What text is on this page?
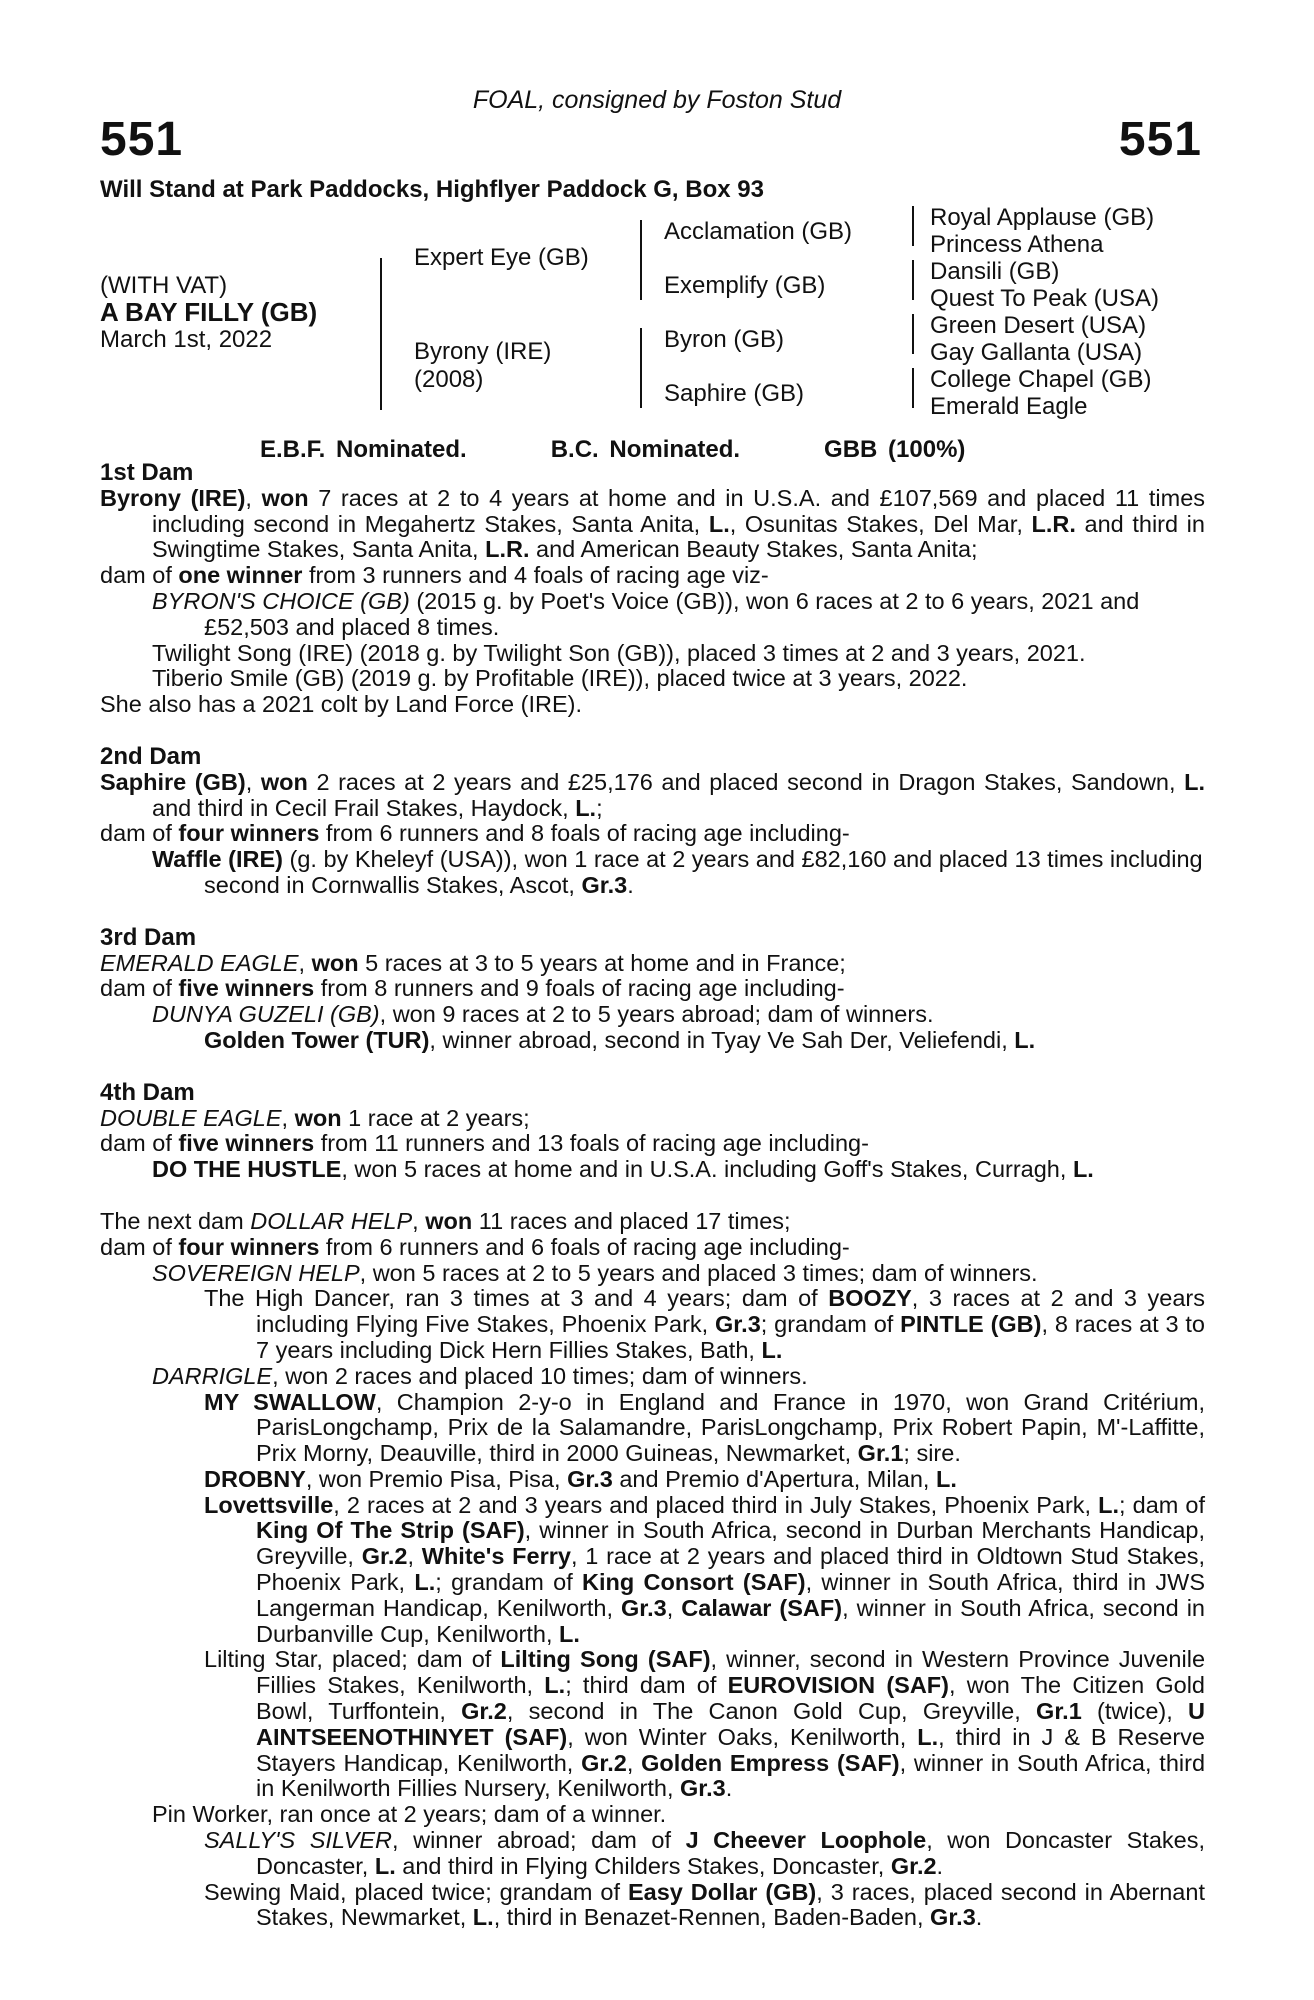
FOAL, consigned by Foston Stud
551	551
Will Stand at Park Paddocks, Highflyer Paddock G, Box 93
(WITH VAT)
A BAY FILLY (GB)
March 1st, 2022
Expert Eye (GB)
Byrony (IRE)
(2008)
Acclamation (GB)
Exemplify (GB)
Byron (GB)
Saphire (GB)
Royal Applause (GB)
Princess Athena
Dansili (GB)
Quest To Peak (USA)
Green Desert (USA)
Gay Gallanta (USA)
College Chapel (GB)
Emerald Eagle
E.B.F. Nominated.	B.C. Nominated.	GBB (100%)

1st Dam

Byrony (IRE), won 7 races at 2 to 4 years at home and in U.S.A. and £107,569 and placed 11 times including second in Megahertz Stakes, Santa Anita, L., Osunitas Stakes, Del Mar, L.R. and third in Swingtime Stakes, Santa Anita, L.R. and American Beauty Stakes, Santa Anita;

dam of one winner from 3 runners and 4 foals of racing age viz-

BYRON'S CHOICE (GB) (2015 g. by Poet's Voice (GB)), won 6 races at 2 to 6 years, 2021 and £52,503 and placed 8 times.

Twilight Song (IRE) (2018 g. by Twilight Son (GB)), placed 3 times at 2 and 3 years, 2021.

Tiberio Smile (GB) (2019 g. by Profitable (IRE)), placed twice at 3 years, 2022.

She also has a 2021 colt by Land Force (IRE).

2nd Dam

Saphire (GB), won 2 races at 2 years and £25,176 and placed second in Dragon Stakes, Sandown, L. and third in Cecil Frail Stakes, Haydock, L.;

dam of four winners from 6 runners and 8 foals of racing age including-

Waffle (IRE) (g. by Kheleyf (USA)), won 1 race at 2 years and £82,160 and placed 13 times including second in Cornwallis Stakes, Ascot, Gr.3.

3rd Dam

EMERALD EAGLE, won 5 races at 3 to 5 years at home and in France;

dam of five winners from 8 runners and 9 foals of racing age including-

DUNYA GUZELI (GB), won 9 races at 2 to 5 years abroad; dam of winners.

Golden Tower (TUR), winner abroad, second in Tyay Ve Sah Der, Veliefendi, L.

4th Dam

DOUBLE EAGLE, won 1 race at 2 years;

dam of five winners from 11 runners and 13 foals of racing age including-

DO THE HUSTLE, won 5 races at home and in U.S.A. including Goff's Stakes, Curragh, L.

The next dam DOLLAR HELP, won 11 races and placed 17 times;

dam of four winners from 6 runners and 6 foals of racing age including-

SOVEREIGN HELP, won 5 races at 2 to 5 years and placed 3 times; dam of winners.

The High Dancer, ran 3 times at 3 and 4 years; dam of BOOZY, 3 races at 2 and 3 years including Flying Five Stakes, Phoenix Park, Gr.3; grandam of PINTLE (GB), 8 races at 3 to 7 years including Dick Hern Fillies Stakes, Bath, L.

DARRIGLE, won 2 races and placed 10 times; dam of winners.

MY SWALLOW, Champion 2-y-o in England and France in 1970, won Grand Critérium, ParisLongchamp, Prix de la Salamandre, ParisLongchamp, Prix Robert Papin, M'-Laffitte, Prix Morny, Deauville, third in 2000 Guineas, Newmarket, Gr.1; sire.

DROBNY, won Premio Pisa, Pisa, Gr.3 and Premio d'Apertura, Milan, L.

Lovettsville, 2 races at 2 and 3 years and placed third in July Stakes, Phoenix Park, L.; dam of King Of The Strip (SAF), winner in South Africa, second in Durban Merchants Handicap, Greyville, Gr.2, White's Ferry, 1 race at 2 years and placed third in Oldtown Stud Stakes, Phoenix Park, L.; grandam of King Consort (SAF), winner in South Africa, third in JWS Langerman Handicap, Kenilworth, Gr.3, Calawar (SAF), winner in South Africa, second in Durbanville Cup, Kenilworth, L.

Lilting Star, placed; dam of Lilting Song (SAF), winner, second in Western Province Juvenile Fillies Stakes, Kenilworth, L.; third dam of EUROVISION (SAF), won The Citizen Gold Bowl, Turffontein, Gr.2, second in The Canon Gold Cup, Greyville, Gr.1 (twice), U AINTSEENOTHINYET (SAF), won Winter Oaks, Kenilworth, L., third in J & B Reserve Stayers Handicap, Kenilworth, Gr.2, Golden Empress (SAF), winner in South Africa, third in Kenilworth Fillies Nursery, Kenilworth, Gr.3.

Pin Worker, ran once at 2 years; dam of a winner.

SALLY'S SILVER, winner abroad; dam of J Cheever Loophole, won Doncaster Stakes, Doncaster, L. and third in Flying Childers Stakes, Doncaster, Gr.2.

Sewing Maid, placed twice; grandam of Easy Dollar (GB), 3 races, placed second in Abernant Stakes, Newmarket, L., third in Benazet-Rennen, Baden-Baden, Gr.3.
